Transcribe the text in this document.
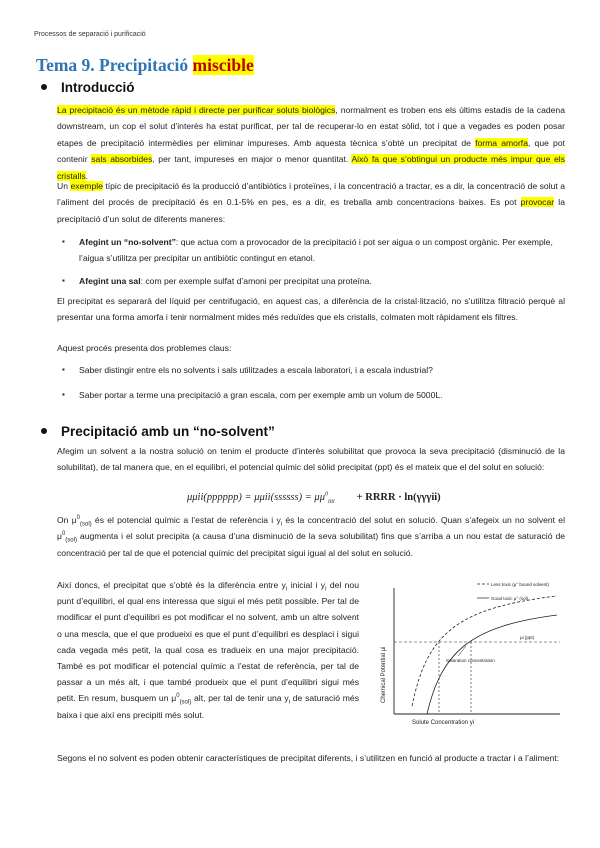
Processos de separació i purificació
Tema 9. Precipitació miscible
Introducció

La precipitació és un mètode ràpid i directe per purificar soluts biològics, normalment es troben ens els últims estadis de la cadena downstream, un cop el solut d’interès ha estat purificat, per tal de recuperar-lo en estat sòlid, tot i que a vegades es poden posar etapes de precipitació intermèdies per eliminar impureses. Amb aquesta tècnica s’obté un precipitat de forma amorfa, que pot contenir sals absorbides, per tant, impureses en major o menor quantitat. Això fa que s’obtingui un producte més impur que els cristalls.

Un exemple típic de precipitació és la producció d’antibiòtics i proteïnes, i la concentració a tractar, es a dir, la concentració de solut a l’aliment del procés de precipitació és en 0.1-5% en pes, es a dir, es treballa amb concentracions baixes. Es pot provocar la precipitació d’un solut de diferents maneres:

▪	Afegint un “no-solvent”: que actua com a provocador de la precipitació i pot ser aigua o un compost orgànic. Per exemple, l’aigua s’utilitza per precipitar un antibiòtic contingut en etanol.
▪	Afegint una sal: com per exemple sulfat d’amoni per precipitat una proteïna.

El precipitat es separarà del líquid per centrifugació, en aquest cas, a diferència de la cristal·lització, no s’utilitza filtració perquè al presentar una forma amorfa i tenir normalment mides més reduïdes que els cristalls, colmaten molt ràpidament els filtres.

Aquest procés presenta dos problemes claus:

▪	Saber distingir entre els no solvents i sals utilitzades a escala laboratori, i a escala industrial?
▪	Saber portar a terme una precipitació a gran escala, com per exemple amb un volum de 5000L.
Precipitació amb un “no-solvent”

Afegim un solvent a la nostra solució on tenim el producte d’interès solubilitat que provoca la seva precipitació (disminució de la solubilitat), de tal manera que, en el equilibri, el potencial químic del sòlid precipitat (ppt) és el mateix que el del solut en solució:

μμii(pppppp) = μμii(ssssss) = $\mu\mu^0_{iiii}$ + RRRR · ln(γγγii)

On $\mu^0_{(sol)}$ és el potencial químic a l’estat de referència i $y_i$ és la concentració del solut en solució. Quan s’afegeix un no solvent el $\mu^0_{(sol)}$ augmenta i el solut precipita (a causa d’una disminució de la seva solubilitat) fins que s’arriba a un nou estat de saturació de concentració per tal de que el potencial químic del precipitat sigui igual al del solut en solució.

Així doncs, el precipitat que s’obté és la diferència entre $y_i$ inicial i $y_i$ del nou punt d’equilibri, el qual ens interessa que sigui el més petit possible. Per tal de modificar el punt d’equilibri es pot modificar el no solvent, amb un altre solvent o una mescla, que el que produeixi es que el punt d’equilibri es desplaci i sigui cada vegada més petit, la qual cosa es tradueix en una major precipitació. També es pot modificar el potencial químic a l’estat de referència, per tal de passar a un més alt, i que també produeix que el punt d’equilibri sigui més petit. En resum, busquem un $\mu^0_{(sol)}$ alt, per tal de tenir una $y_i$ de saturació més baixa i que així ens precipiti més solut.

Segons el no solvent es poden obtenir característiques de precipitat diferents, i s’utilitzen en funció al producte a tractar i a l’aliment:

Chemical Potential μi
Solute Concentration yi
Less toxic (μ° bound solvent)
Good toxic μ° (sol)
μi (ppt)
Saturation concentration
